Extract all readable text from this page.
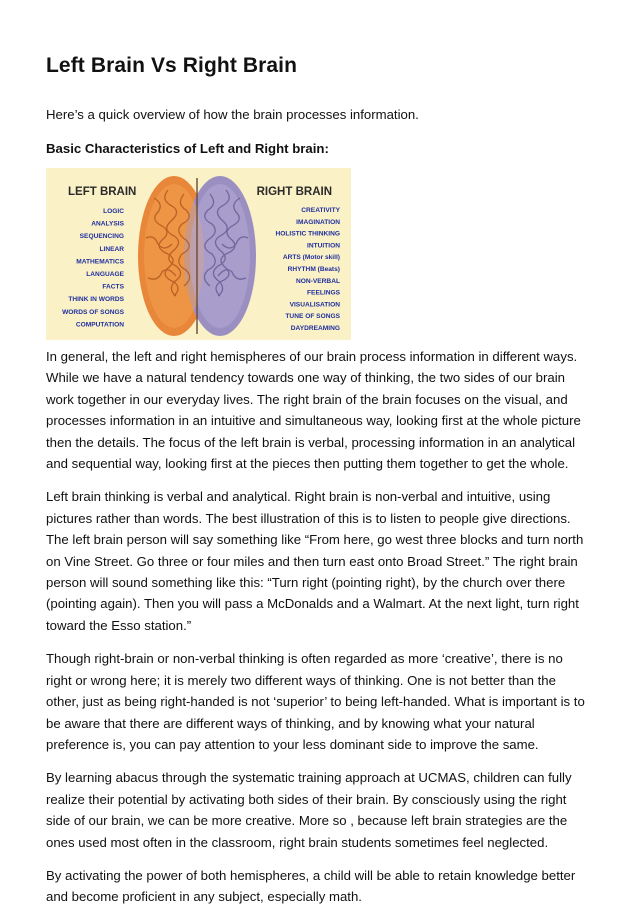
Left Brain Vs Right Brain

Here’s a quick overview of how the brain processes information.

Basic Characteristics of Left and Right brain:

LEFT BRAIN
LOGIC
ANALYSIS
SEQUENCING
LINEAR
MATHEMATICS
LANGUAGE
FACTS
THINK IN WORDS
WORDS OF SONGS
COMPUTATION
RIGHT BRAIN
CREATIVITY
IMAGINATION
HOLISTIC THINKING
INTUITION
ARTS (Motor skill)
RHYTHM (Beats)
NON-VERBAL
FEELINGS
VISUALISATION
TUNE OF SONGS
DAYDREAMING

In general, the left and right hemispheres of our brain process information in different ways. While we have a natural tendency towards one way of thinking, the two sides of our brain work together in our everyday lives. The right brain of the brain focuses on the visual, and processes information in an intuitive and simultaneous way, looking first at the whole picture then the details. The focus of the left brain is verbal, processing information in an analytical and sequential way, looking first at the pieces then putting them together to get the whole.

Left brain thinking is verbal and analytical. Right brain is non-verbal and intuitive, using pictures rather than words. The best illustration of this is to listen to people give directions. The left brain person will say something like “From here, go west three blocks and turn north on Vine Street. Go three or four miles and then turn east onto Broad Street.” The right brain person will sound something like this: “Turn right (pointing right), by the church over there (pointing again). Then you will pass a McDonalds and a Walmart. At the next light, turn right toward the Esso station.”

Though right-brain or non-verbal thinking is often regarded as more ‘creative’, there is no right or wrong here; it is merely two different ways of thinking. One is not better than the other, just as being right-handed is not ‘superior’ to being left-handed. What is important is to be aware that there are different ways of thinking, and by knowing what your natural preference is, you can pay attention to your less dominant side to improve the same.

By learning abacus through the systematic training approach at UCMAS, children can fully realize their potential by activating both sides of their brain. By consciously using the right side of our brain, we can be more creative. More so , because left brain strategies are the ones used most often in the classroom, right brain students sometimes feel neglected.

By activating the power of both hemispheres, a child will be able to retain knowledge better and become proficient in any subject, especially math.
